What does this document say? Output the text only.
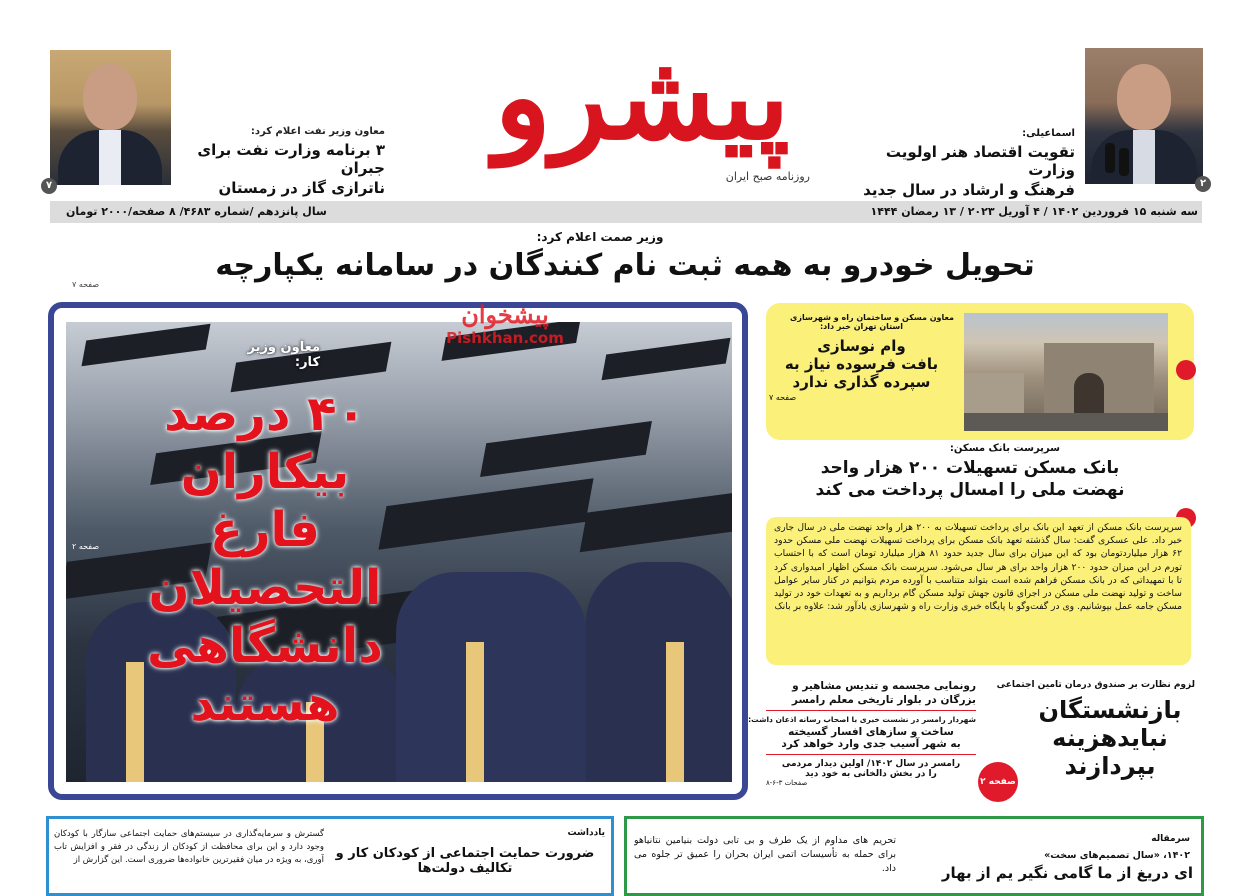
پیشرو
روزنامه صبح ایران
۷
معاون وزیر نفت اعلام کرد:
۳ برنامه وزارت نفت برای جبران
ناترازی گاز در زمستان	۲
اسماعیلی:
تقویت اقتصاد هنر اولویت وزارت
فرهنگ و ارشاد در سال جدید
سه شنبه ۱۵ فروردین ۱۴۰۲ / ۴ آوریل ۲۰۲۳ / ۱۳ رمضان ۱۴۴۴
سال پانزدهم /شماره ۴۶۸۳/ ۸ صفحه/۲۰۰۰ تومان
وزیر صمت اعلام کرد:
تحویل خودرو به همه ثبت نام کنندگان در سامانه یکپارچه
صفحه ۷
معاون وزیر کار:
۴۰ درصد بیکاران
فارغ التحصیلان
دانشگاهی هستند
صفحه ۲
پیشخوان
Pishkhan.com
معاون مسکن و ساختمان راه و شهرسازی
استان تهران خبر داد:
وام نوسازی
بافت فرسوده نیاز به
سپرده گذاری ندارد
صفحه ۷
سرپرست بانک مسکن:
بانک مسکن تسهیلات ۲۰۰ هزار واحد
نهضت ملی را امسال پرداخت می کند
سرپرست بانک مسکن از تعهد این بانک برای پرداخت تسهیلات به ۲۰۰ هزار واحد نهضت ملی در سال جاری خبر داد. علی عسکری گفت: سال گذشته تعهد بانک مسکن برای پرداخت تسهیلات نهضت ملی مسکن حدود ۶۲ هزار میلیاردتومان بود که این میزان برای سال جدید حدود ۸۱ هزار میلیارد تومان است که با احتساب تورم در این میزان حدود ۲۰۰ هزار واحد برای هر سال می‌شود. سرپرست بانک مسکن اظهار امیدواری کرد تا با تمهیداتی که در بانک مسکن فراهم شده است بتواند متناسب با آورده مردم بتوانیم در کنار سایر عوامل ساخت و تولید نهضت ملی مسکن در اجرای قانون جهش تولید مسکن گام برداریم و به تعهدات خود در تولید مسکن جامه عمل بپوشانیم. وی در گفت‌وگو با پایگاه خبری وزارت راه و شهرسازی یادآور شد: علاوه بر بانک
لزوم نظارت بر صندوق درمان تامین اجتماعی
بازنشستگان
نبایدهزینه
بپردازند
صفحه ۲
رونمایی مجسمه و تندیس مشاهیر و
بزرگان در بلوار تاریخی معلم رامسر
شهردار رامسر در نشست خبری با اصحاب رسانه اذعان داشت:
ساخت و سازهای افسار گسیخته
به شهر آسیب جدی وارد خواهد کرد
رامسر در سال ۱۴۰۲/ اولین دیدار مردمی
را در بخش دالخانی به خود دید
صفحات ۳-۶-۸
یادداشت
ضرورت حمایت اجتماعی از کودکان کار و
تکالیف دولت‌ها
گسترش و سرمایه‌گذاری در سیستم‌های حمایت اجتماعی سازگار با کودکان وجود دارد و این برای محافظت از کودکان از زندگی در فقر و افزایش تاب آوری، به ویژه در میان فقیرترین خانواده‌ها ضروری است. این گزارش از
سرمقاله
۱۴۰۲، «سال تصمیم‌های سخت»
ای دریغ از ما گامی نگیر یم از بهار
تحریم های مداوم از یک طرف و بی تابی دولت بنیامین نتانیاهو برای حمله به تأسیسات اتمی ایران بحران را عمیق تر جلوه می داد.
